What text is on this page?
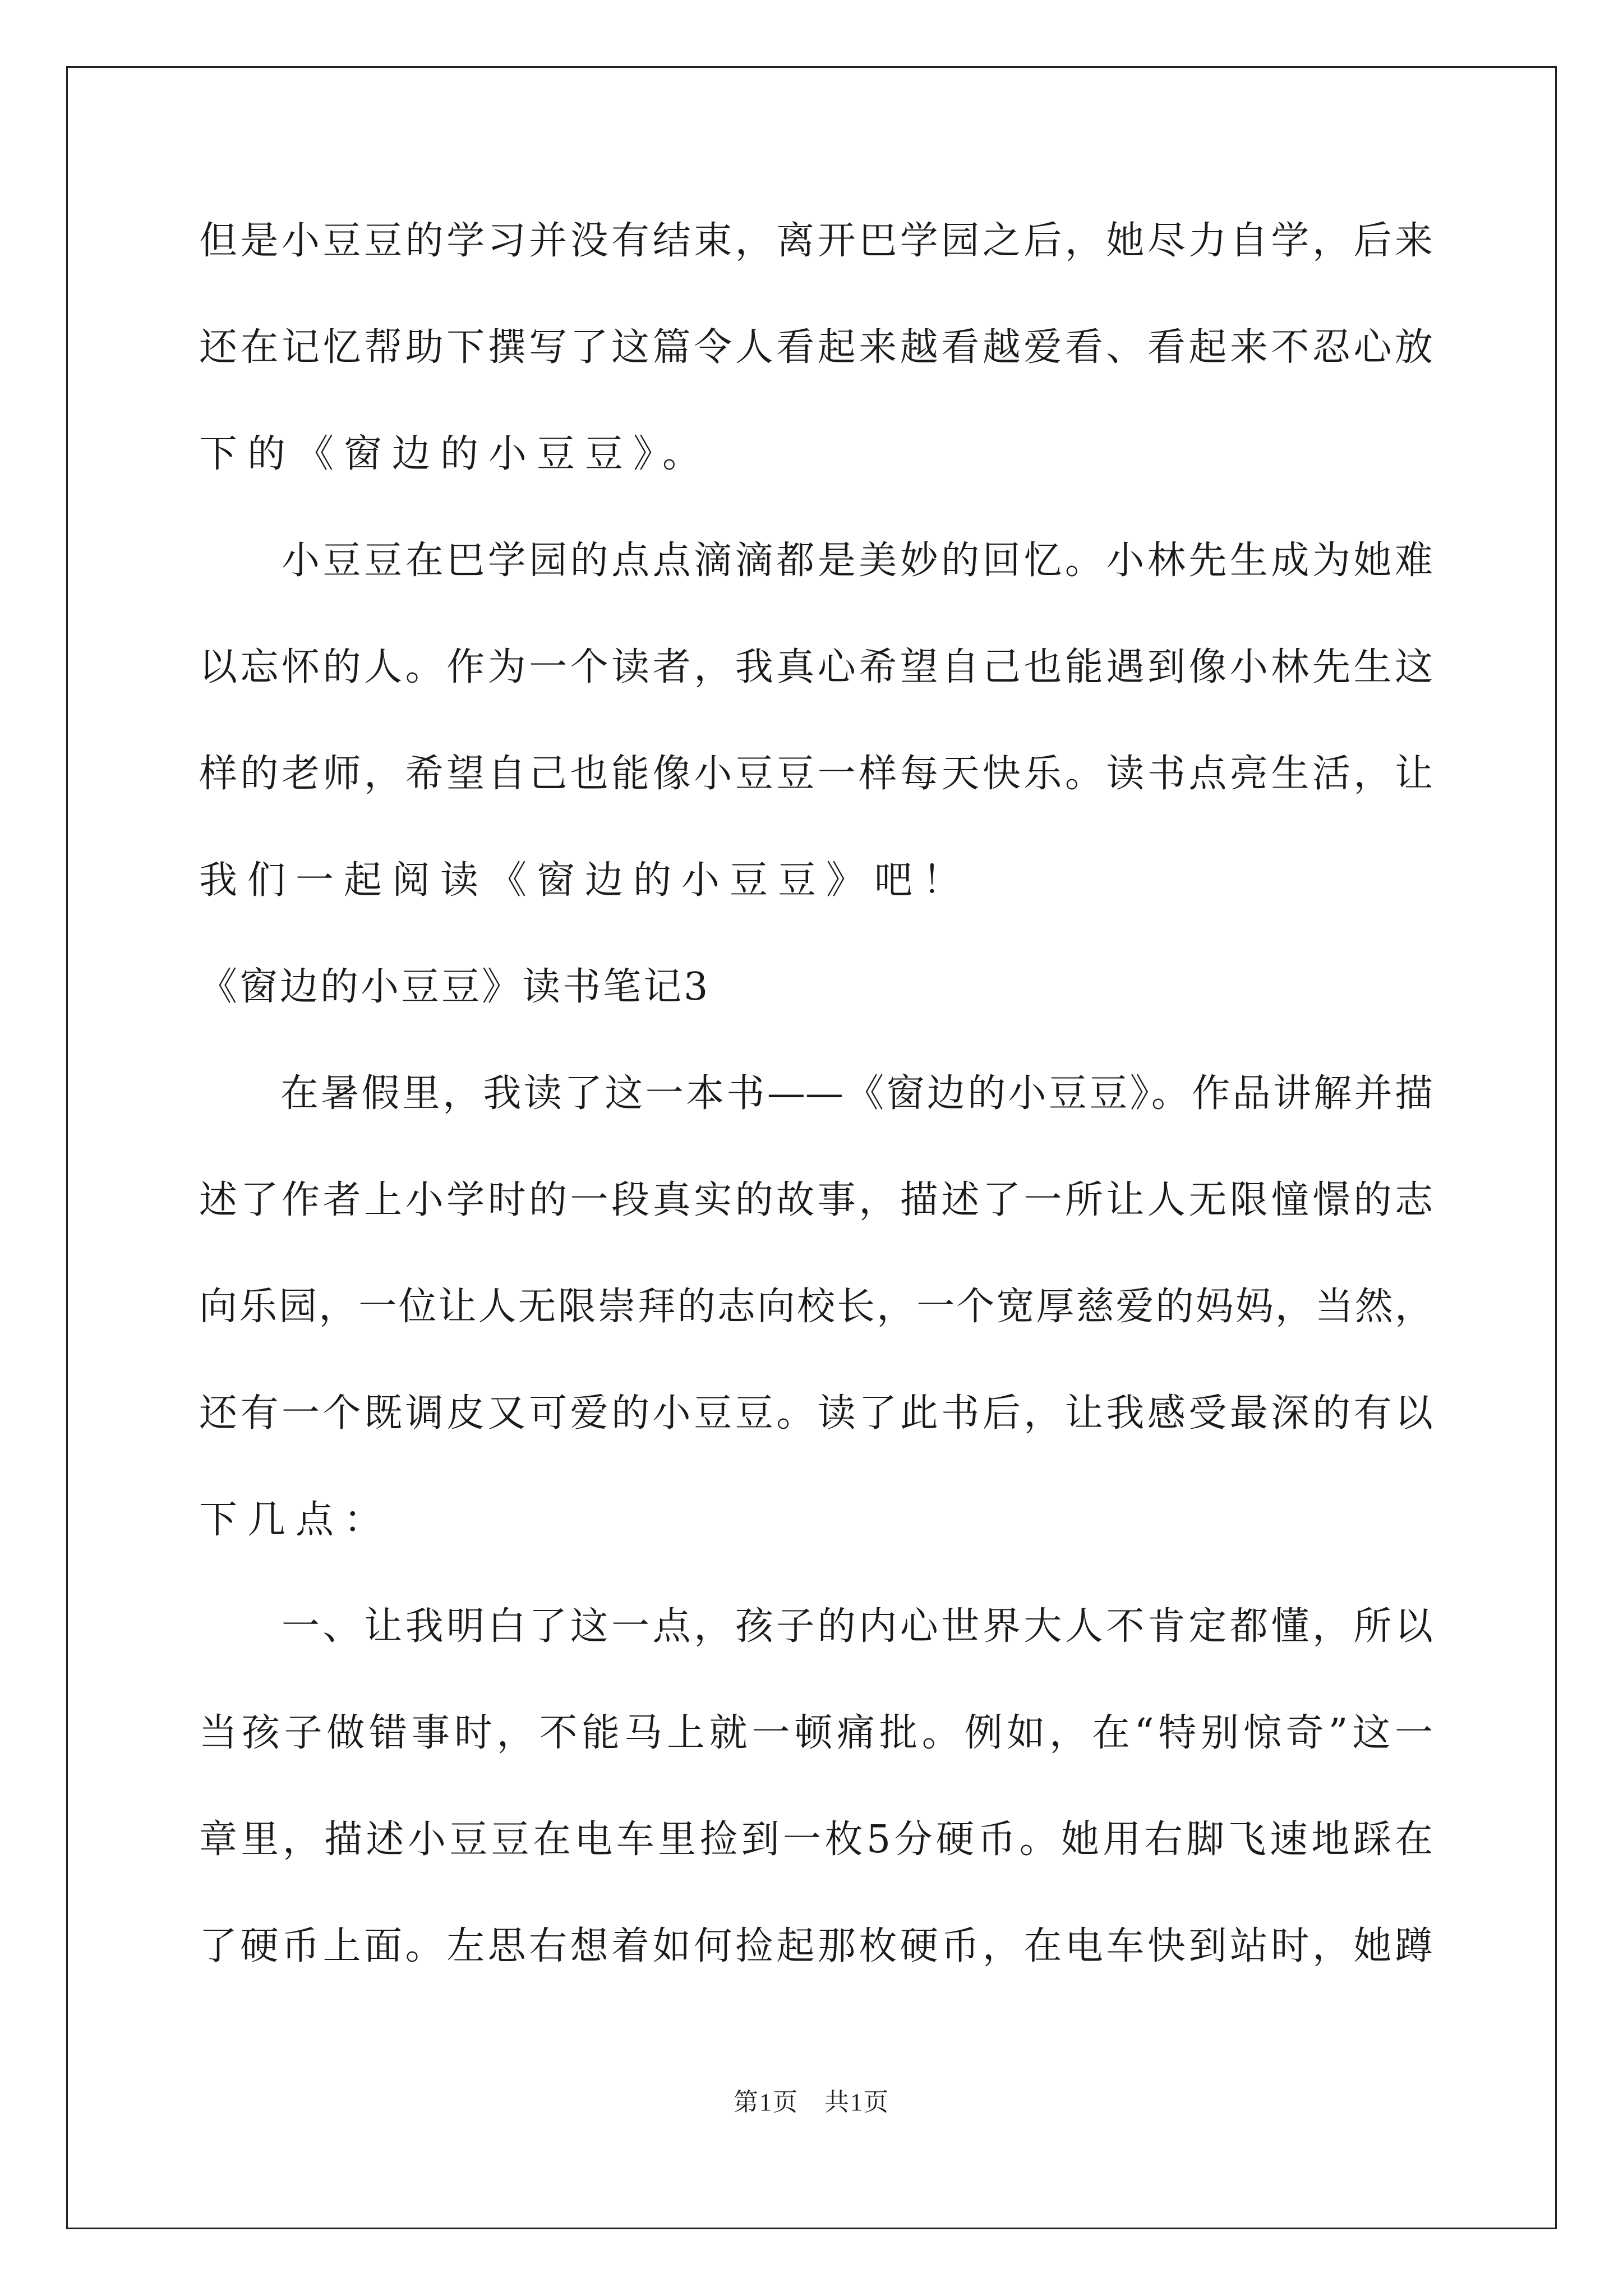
但是小豆豆的学习并没有结束，离开巴学园之后，她尽力自学，后来
还在记忆帮助下撰写了这篇令人看起来越看越爱看、看起来不忍心放
下的《窗边的小豆豆》。
　　小豆豆在巴学园的点点滴滴都是美妙的回忆。小林先生成为她难
以忘怀的人。作为一个读者，我真心希望自己也能遇到像小林先生这
样的老师，希望自己也能像小豆豆一样每天快乐。读书点亮生活，让
我们一起阅读《窗边的小豆豆》吧！
《窗边的小豆豆》读书笔记3
　　在暑假里，我读了这一本书——《窗边的小豆豆》。作品讲解并描
述了作者上小学时的一段真实的故事，描述了一所让人无限憧憬的志
向乐园，一位让人无限崇拜的志向校长，一个宽厚慈爱的妈妈，当然，
还有一个既调皮又可爱的小豆豆。读了此书后，让我感受最深的有以
下几点：
　　一、让我明白了这一点，孩子的内心世界大人不肯定都懂，所以
当孩子做错事时，不能马上就一顿痛批。例如，在“特别惊奇”这一
章里，描述小豆豆在电车里捡到一枚5分硬币。她用右脚飞速地踩在
了硬币上面。左思右想着如何捡起那枚硬币，在电车快到站时，她蹲
第1页 共1页
